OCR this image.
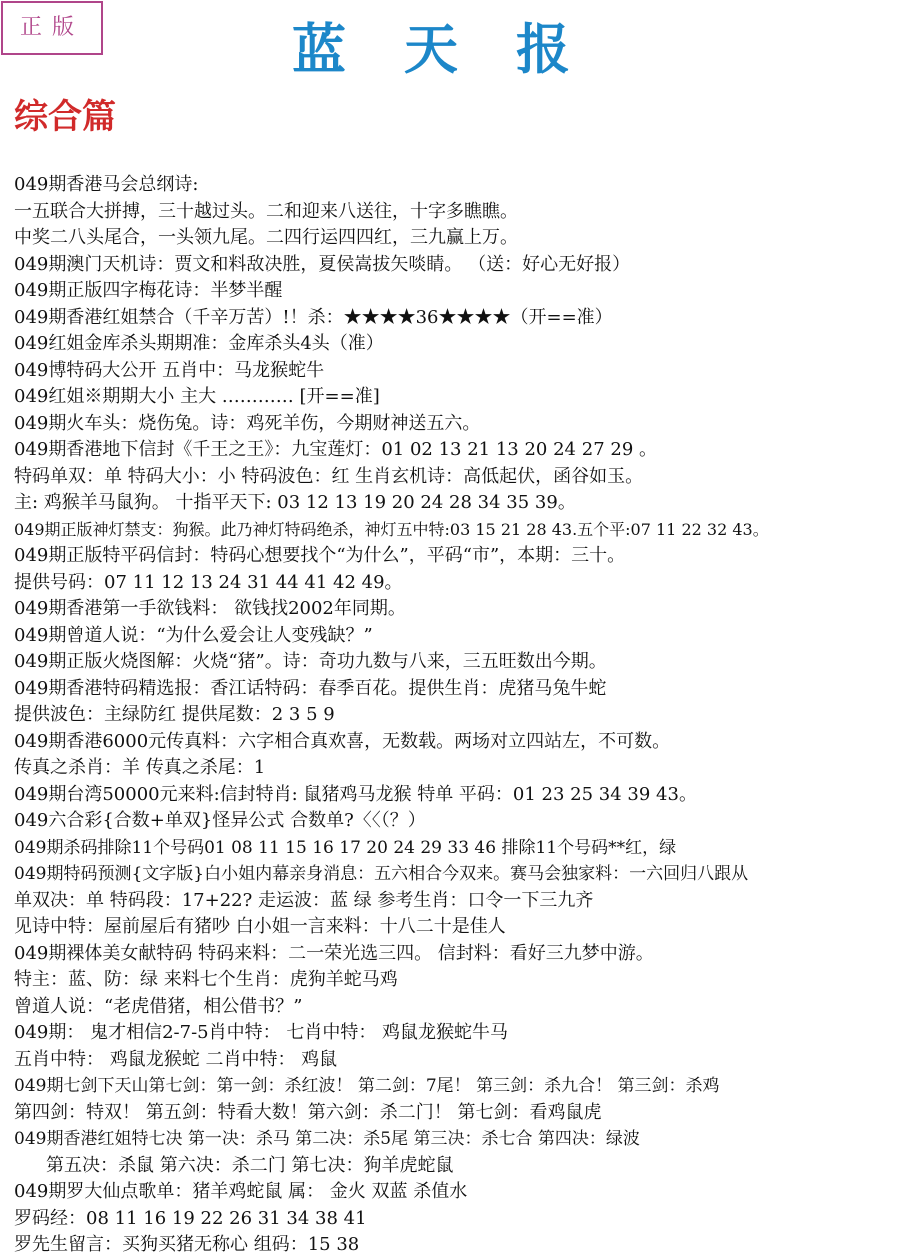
正版	蓝天报
综合篇
049期香港马会总纲诗:
一五联合大拼搏，三十越过头。二和迎来八送往，十字多瞧瞧。
中奖二八头尾合，一头领九尾。二四行运四四红，三九赢上万。
049期澳门天机诗：贾文和料敌决胜，夏侯嵩拔矢啖睛。 （送：好心无好报）
049期正版四字梅花诗：半梦半醒
049期香港红姐禁合（千辛万苦）!！杀：★★★★36★★★★（开==准）
049红姐金库杀头期期准：金库杀头4头（准）
049博特码大公开 五肖中：马龙猴蛇牛
049红姐※期期大小 主大 ………… [开==准]
049期火车头：烧伤兔。诗：鸡死羊伤，今期财神送五六。
049期香港地下信封《千王之王》：九宝莲灯：01 02 13 21 13 20 24 27 29 。
特码单双：单 特码大小：小 特码波色：红 生肖玄机诗：高低起伏，函谷如玉。
主: 鸡猴羊马鼠狗。 十指平天下: 03 12 13 19 20 24 28 34 35 39。
049期正版神灯禁支：狗猴。此乃神灯特码绝杀，神灯五中特:03 15 21 28 43.五个平:07 11 22 32 43。
049期正版特平码信封：特码心想要找个“为什么”，平码“市”，本期：三十。
提供号码：07 11 12 13 24 31 44 41 42 49。
049期香港第一手欲钱料： 欲钱找2002年同期。
049期曾道人说：“为什么爱会让人变残缺？”
049期正版火烧图解：火烧“猪”。诗：奇功九数与八来，三五旺数出今期。
049期香港特码精选报：香江话特码：春季百花。提供生肖：虎猪马兔牛蛇
提供波色：主绿防红 提供尾数：2 3 5 9
049期香港6000元传真料：六字相合真欢喜，无数载。两场对立四站左，不可数。
传真之杀肖：羊 传真之杀尾：1
049期台湾50000元来料:信封特肖: 鼠猪鸡马龙猴 特单 平码：01 23 25 34 39 43。
049六合彩{合数+单双}怪异公式 合数单?〈〈（？）
049期杀码排除11个号码01 08 11 15 16 17 20 24 29 33 46 排除11个号码**红，绿
049期特码预测{文字版}白小姐内幕亲身消息：五六相合今双来。赛马会独家料：一六回归八跟从
单双决：单 特码段：17+22? 走运波：蓝 绿 参考生肖：口令一下三九齐
见诗中特：屋前屋后有猪吵 白小姐一言来料：十八二十是佳人
049期裸体美女献特码 特码来料：二一荣光选三四。 信封料：看好三九梦中游。
特主：蓝、防：绿 来料七个生肖：虎狗羊蛇马鸡
曾道人说：“老虎借猪，相公借书？”
049期： 鬼才相信2-7-5肖中特： 七肖中特： 鸡鼠龙猴蛇牛马
五肖中特： 鸡鼠龙猴蛇 二肖中特： 鸡鼠
049期七剑下天山第七剑：第一剑：杀红波！ 第二剑：7尾！ 第三剑：杀九合！ 第三剑：杀鸡
第四剑：特双！ 第五剑：特看大数！第六剑：杀二门！ 第七剑：看鸡鼠虎
049期香港红姐特七决 第一决：杀马 第二决：杀5尾 第三决：杀七合 第四决：绿波
第五决：杀鼠 第六决：杀二门 第七决：狗羊虎蛇鼠
049期罗大仙点歌单：猪羊鸡蛇鼠 属： 金火 双蓝 杀值水
罗码经：08 11 16 19 22 26 31 34 38 41
罗先生留言：买狗买猪无称心 组码：15 38
